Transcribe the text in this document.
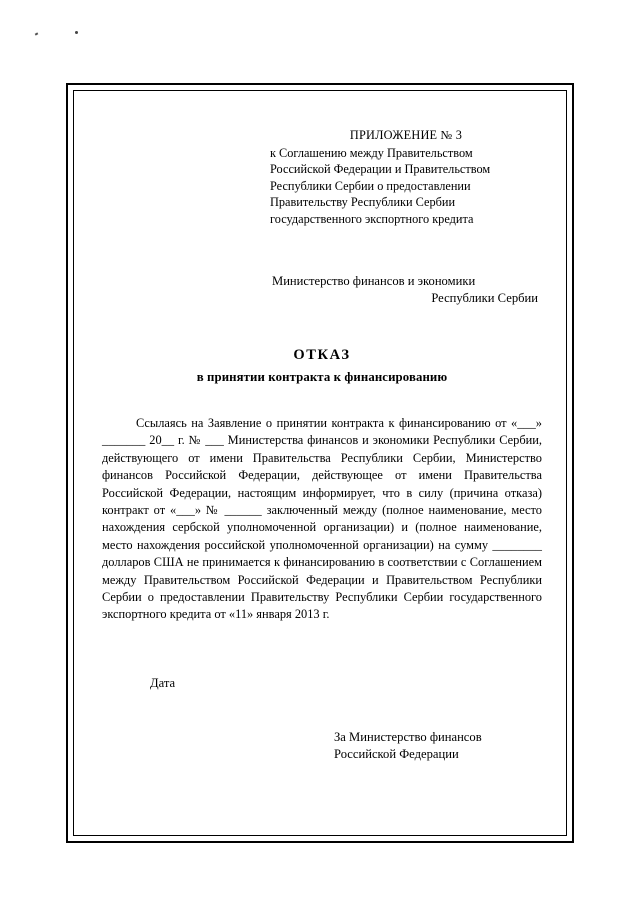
ПРИЛОЖЕНИЕ № 3
к Соглашению между Правительством
Российской Федерации и Правительством
Республики Сербии о предоставлении
Правительству Республики Сербии
государственного экспортного кредита
Министерство финансов и экономики
Республики Сербии
ОТКАЗ
в принятии контракта к финансированию
Ссылаясь на Заявление о принятии контракта к финансированию от «___» _______ 20__ г. № ___ Министерства финансов и экономики Республики Сербии, действующего от имени Правительства Республики Сербии, Министерство финансов Российской Федерации, действующее от имени Правительства Российской Федерации, настоящим информирует, что в силу (причина отказа) контракт от «___» № ______ заключенный между (полное наименование, место нахождения сербской уполномоченной организации) и (полное наименование, место нахождения российской уполномоченной организации) на сумму ________ долларов США не принимается к финансированию в соответствии с Соглашением между Правительством Российской Федерации и Правительством Республики Сербии о предоставлении Правительству Республики Сербии государственного экспортного кредита от «11» января 2013 г.
Дата
За Министерство финансов
Российской Федерации
